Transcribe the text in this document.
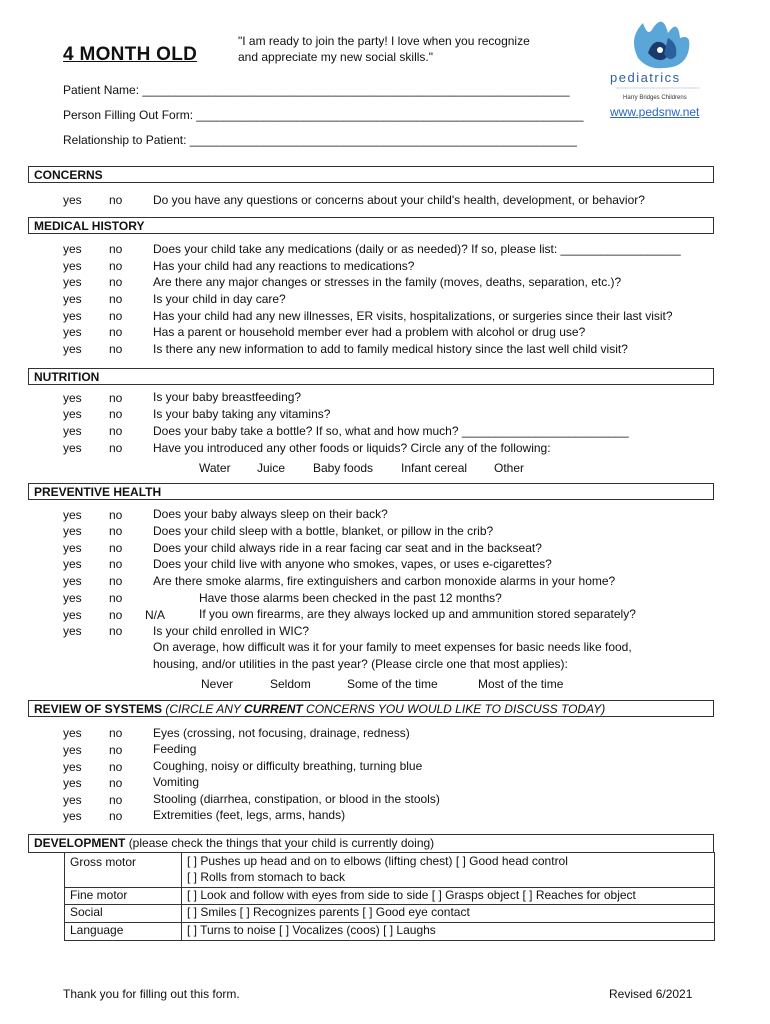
4 MONTH OLD
"I am ready to join the party! I love when you recognize and appreciate my new social skills."
pediatrics
Harry Bridges Childrens
www.pedsnw.net
Patient Name: ________________________________________________________________
Person Filling Out Form: __________________________________________________________
Relationship to Patient: __________________________________________________________
CONCERNS
yes no	Do you have any questions or concerns about your child's health, development, or behavior?
MEDICAL HISTORY
yes no	Does your child take any medications (daily or as needed)? If so, please list: __________________
yes no	Has your child had any reactions to medications?
yes no	Are there any major changes or stresses in the family (moves, deaths, separation, etc.)?
yes no	Is your child in day care?
yes no	Has your child had any new illnesses, ER visits, hospitalizations, or surgeries since their last visit?
yes no	Has a parent or household member ever had a problem with alcohol or drug use?
yes no	Is there any new information to add to family medical history since the last well child visit?
NUTRITION
yes no	Is your baby breastfeeding?
yes no	Is your baby taking any vitamins?
yes no	Does your baby take a bottle? If so, what and how much? _________________________
yes no	Have you introduced any other foods or liquids? Circle any of the following:
Water Juice Baby foods Infant cereal Other
PREVENTIVE HEALTH
yes no	Does your baby always sleep on their back?
yes no	Does your child sleep with a bottle, blanket, or pillow in the crib?
yes no	Does your child always ride in a rear facing car seat and in the backseat?
yes no	Does your child live with anyone who smokes, vapes, or uses e-cigarettes?
yes no	Are there smoke alarms, fire extinguishers and carbon monoxide alarms in your home?
yes no	Have those alarms been checked in the past 12 months?
yes no N/A	If you own firearms, are they always locked up and ammunition stored separately?
yes no	Is your child enrolled in WIC?
On average, how difficult was it for your family to meet expenses for basic needs like food,
housing, and/or utilities in the past year? (Please circle one that most applies):
Never	Seldom	Some of the time	Most of the time
REVIEW OF SYSTEMS (CIRCLE ANY CURRENT CONCERNS YOU WOULD LIKE TO DISCUSS TODAY)
yes no	Eyes (crossing, not focusing, drainage, redness)
yes no	Feeding
yes no	Coughing, noisy or difficulty breathing, turning blue
yes no	Vomiting
yes no	Stooling (diarrhea, constipation, or blood in the stools)
yes no	Extremities (feet, legs, arms, hands)
DEVELOPMENT (please check the things that your child is currently doing)
Gross motor	[ ] Pushes up head and on to elbows (lifting chest) [ ] Good head control
[ ] Rolls from stomach to back

Fine motor	[ ] Look and follow with eyes from side to side [ ] Grasps object [ ] Reaches for object
Social	[ ] Smiles [ ] Recognizes parents [ ] Good eye contact
Language	[ ] Turns to noise [ ] Vocalizes (coos) [ ] Laughs
Thank you for filling out this form.	Revised 6/2021
